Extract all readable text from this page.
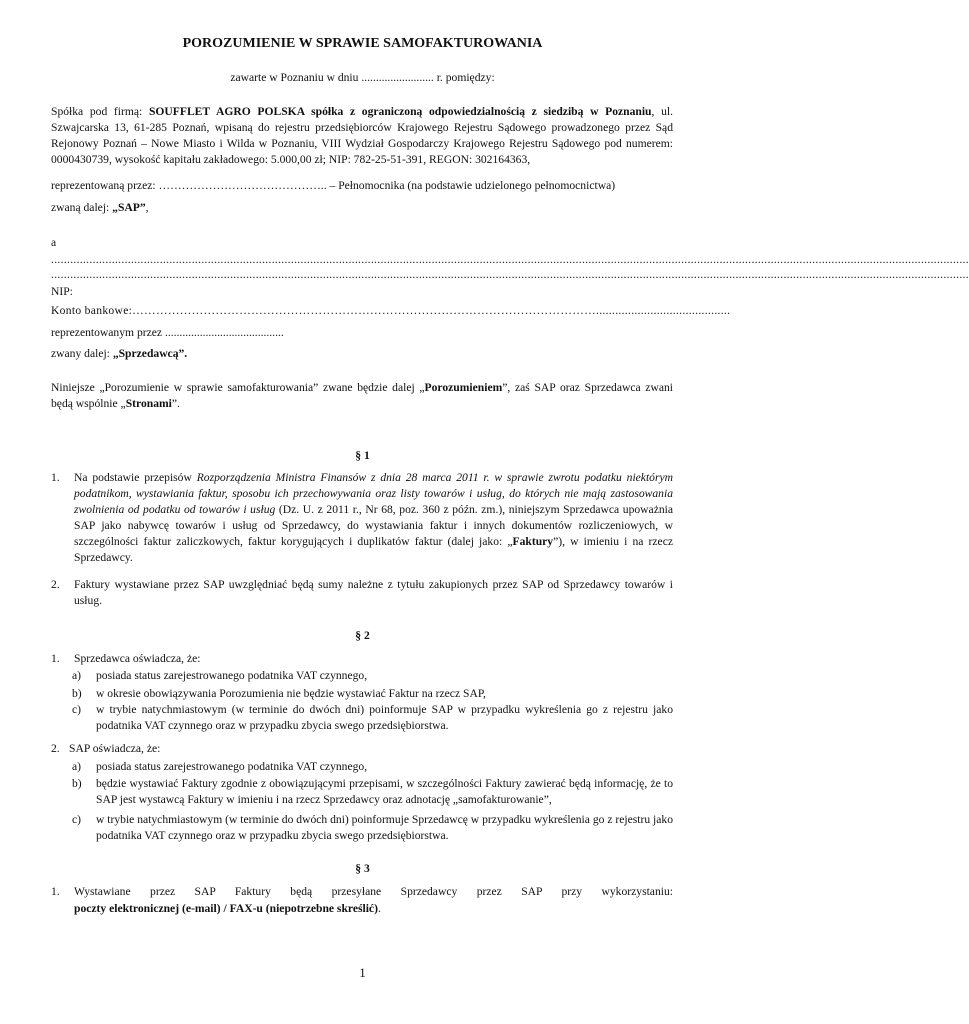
POROZUMIENIE W SPRAWIE SAMOFAKTUROWANIA
zawarte w Poznaniu w dniu ......................... r. pomiędzy:
Spółka pod firmą: SOUFFLET AGRO POLSKA spółka z ograniczoną odpowiedzialnością z siedzibą w Poznaniu, ul. Szwajcarska 13, 61-285 Poznań, wpisaną do rejestru przedsiębiorców Krajowego Rejestru Sądowego prowadzonego przez Sąd Rejonowy Poznań – Nowe Miasto i Wilda w Poznaniu, VIII Wydział Gospodarczy Krajowego Rejestru Sądowego pod numerem: 0000430739, wysokość kapitału zakładowego: 5.000,00 zł; NIP: 782-25-51-391, REGON: 302164363,
reprezentowaną przez: …………………………………….. – Pełnomocnika (na podstawie udzielonego pełnomocnictwa)
zwaną dalej: „SAP”,
a
...............................................................................................................................................................................................................................................................................................
...............................................................................................................................................................................................................................................................................................
NIP:
Konto bankowe:………………………………………………………………………………………………………..........................................
reprezentowanym przez .........................................
zwany dalej: „Sprzedawcą”.
Niniejsze „Porozumienie w sprawie samofakturowania” zwane będzie dalej „Porozumieniem”, zaś SAP oraz Sprzedawca zwani będą wspólnie „Stronami”.
§ 1
1. Na podstawie przepisów Rozporządzenia Ministra Finansów z dnia 28 marca 2011 r. w sprawie zwrotu podatku niektórym podatnikom, wystawiania faktur, sposobu ich przechowywania oraz listy towarów i usług, do których nie mają zastosowania zwolnienia od podatku od towarów i usług (Dz. U. z 2011 r., Nr 68, poz. 360 z późn. zm.), niniejszym Sprzedawca upoważnia SAP jako nabywcę towarów i usług od Sprzedawcy, do wystawiania faktur i innych dokumentów rozliczeniowych, w szczególności faktur zaliczkowych, faktur korygujących i duplikatów faktur (dalej jako: „Faktury”), w imieniu i na rzecz Sprzedawcy.
2. Faktury wystawiane przez SAP uwzględniać będą sumy należne z tytułu zakupionych przez SAP od Sprzedawcy towarów i usług.
§ 2
1. Sprzedawca oświadcza, że:
a) posiada status zarejestrowanego podatnika VAT czynnego,
b) w okresie obowiązywania Porozumienia nie będzie wystawiać Faktur na rzecz SAP,
c) w trybie natychmiastowym (w terminie do dwóch dni) poinformuje SAP w przypadku wykreślenia go z rejestru jako podatnika VAT czynnego oraz w przypadku zbycia swego przedsiębiorstwa.
2. SAP oświadcza, że:
a) posiada status zarejestrowanego podatnika VAT czynnego,
b) będzie wystawiać Faktury zgodnie z obowiązującymi przepisami, w szczególności Faktury zawierać będą informację, że to SAP jest wystawcą Faktury w imieniu i na rzecz Sprzedawcy oraz adnotację „samofakturowanie”,
c) w trybie natychmiastowym (w terminie do dwóch dni) poinformuje Sprzedawcę w przypadku wykreślenia go z rejestru jako podatnika VAT czynnego oraz w przypadku zbycia swego przedsiębiorstwa.
§ 3
1. Wystawiane przez SAP Faktury będą przesyłane Sprzedawcy przez SAP przy wykorzystaniu:
poczty elektronicznej (e-mail) / FAX-u (niepotrzebne skreślić).
1
